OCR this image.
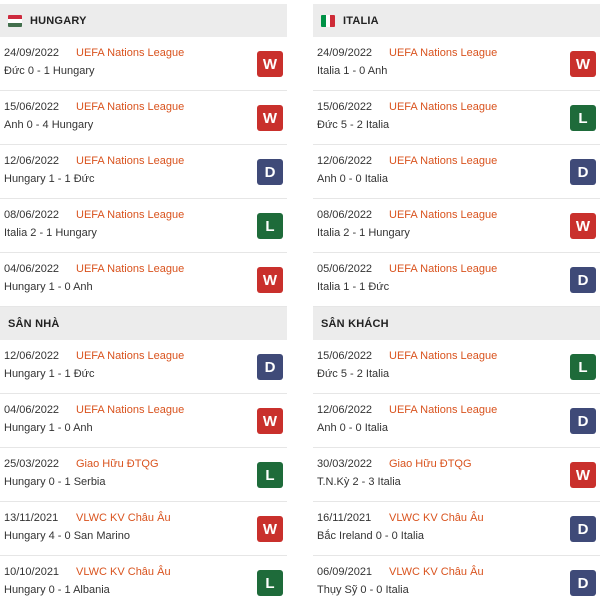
HUNGARY
24/09/2022 UEFA Nations League
Đức 0 - 1 Hungary	W
15/06/2022 UEFA Nations League
Anh 0 - 4 Hungary	W
12/06/2022 UEFA Nations League
Hungary 1 - 1 Đức	D
08/06/2022 UEFA Nations League
Italia 2 - 1 Hungary	L
04/06/2022 UEFA Nations League
Hungary 1 - 0 Anh	W
SÂN NHÀ
12/06/2022 UEFA Nations League
Hungary 1 - 1 Đức	D
04/06/2022 UEFA Nations League
Hungary 1 - 0 Anh	W
25/03/2022 Giao Hữu ĐTQG
Hungary 0 - 1 Serbia	L
13/11/2021 VLWC KV Châu Âu
Hungary 4 - 0 San Marino	W
10/10/2021 VLWC KV Châu Âu
Hungary 0 - 1 Albania	L
ITALIA
24/09/2022 UEFA Nations League
Italia 1 - 0 Anh	W
15/06/2022 UEFA Nations League
Đức 5 - 2 Italia	L
12/06/2022 UEFA Nations League
Anh 0 - 0 Italia	D
08/06/2022 UEFA Nations League
Italia 2 - 1 Hungary	W
05/06/2022 UEFA Nations League
Italia 1 - 1 Đức	D
SÂN KHÁCH
15/06/2022 UEFA Nations League
Đức 5 - 2 Italia	L
12/06/2022 UEFA Nations League
Anh 0 - 0 Italia	D
30/03/2022 Giao Hữu ĐTQG
T.N.Kỳ 2 - 3 Italia	W
16/11/2021 VLWC KV Châu Âu
Bắc Ireland 0 - 0 Italia	D
06/09/2021 VLWC KV Châu Âu
Thụy Sỹ 0 - 0 Italia	D
